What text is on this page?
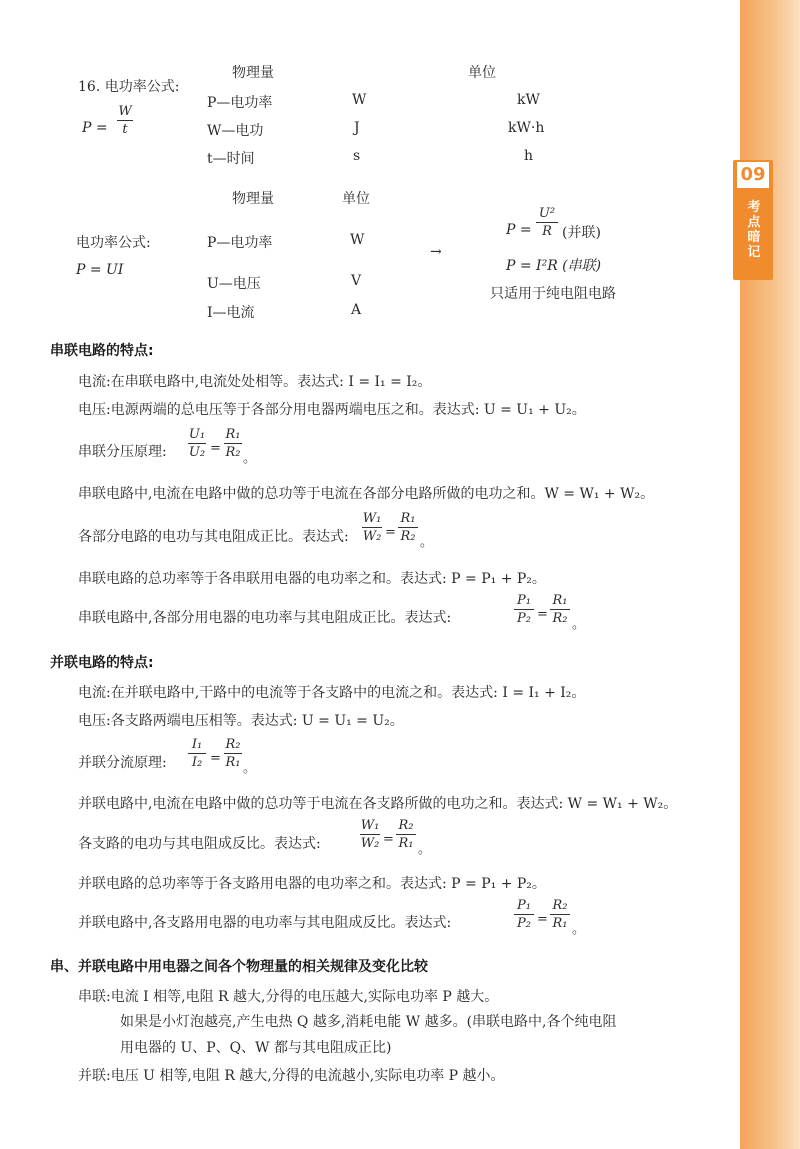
09
考点暗记
16. 电功率公式:
P =
W
t
物理量	单位
P—电功率	W	kW
W—电功	J	kW·h
t—时间	s	h
物理量	单位
电功率公式:
P = UI
P—电功率	W
U—电压	V
I—电流	A
→
P =
U²
R (并联)
P = I²R (串联)
只适用于纯电阻电路
串联电路的特点:
电流:在串联电路中,电流处处相等。表达式: I = I₁ = I₂。
电压:电源两端的总电压等于各部分用电器两端电压之和。表达式: U = U₁ + U₂。
串联分压原理:
U₁
U₂ =
R₁
R₂ 。
串联电路中,电流在电路中做的总功等于电流在各部分电路所做的电功之和。W = W₁ + W₂。
各部分电路的电功与其电阻成正比。表达式:
W₁
W₂ =
R₁
R₂ 。
串联电路的总功率等于各串联用电器的电功率之和。表达式: P = P₁ + P₂。
串联电路中,各部分用电器的电功率与其电阻成正比。表达式:
P₁
P₂ =
R₁
R₂ 。
并联电路的特点:
电流:在并联电路中,干路中的电流等于各支路中的电流之和。表达式: I = I₁ + I₂。
电压:各支路两端电压相等。表达式: U = U₁ = U₂。
并联分流原理:
I₁
I₂ =
R₂
R₁ 。
并联电路中,电流在电路中做的总功等于电流在各支路所做的电功之和。表达式: W = W₁ + W₂。
各支路的电功与其电阻成反比。表达式:
W₁
W₂ =
R₂
R₁ 。
并联电路的总功率等于各支路用电器的电功率之和。表达式: P = P₁ + P₂。
并联电路中,各支路用电器的电功率与其电阻成反比。表达式:
P₁
P₂ =
R₂
R₁ 。
串、并联电路中用电器之间各个物理量的相关规律及变化比较
串联:电流 I 相等,电阻 R 越大,分得的电压越大,实际电功率 P 越大。
如果是小灯泡越亮,产生电热 Q 越多,消耗电能 W 越多。(串联电路中,各个纯电阻
用电器的 U、P、Q、W 都与其电阻成正比)
并联:电压 U 相等,电阻 R 越大,分得的电流越小,实际电功率 P 越小。
